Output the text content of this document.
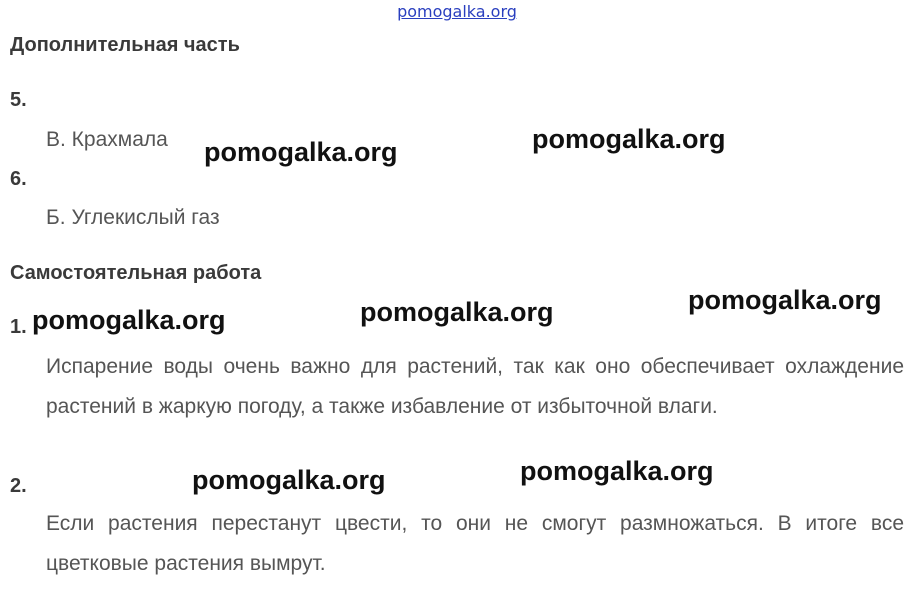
pomogalka.org
Дополнительная часть
5.
В. Крахмала
6.
Б. Углекислый газ
Самостоятельная работа
1.
Испарение воды очень важно для растений, так как оно обеспечивает охлаждение растений в жаркую погоду, а также избавление от избыточной влаги.
2.
Если растения перестанут цвести, то они не смогут размножаться. В итоге все цветковые растения вымрут.
pomogalka.org	pomogalka.org
pomogalka.org
pomogalka.org
pomogalka.org
pomogalka.org
pomogalka.org
